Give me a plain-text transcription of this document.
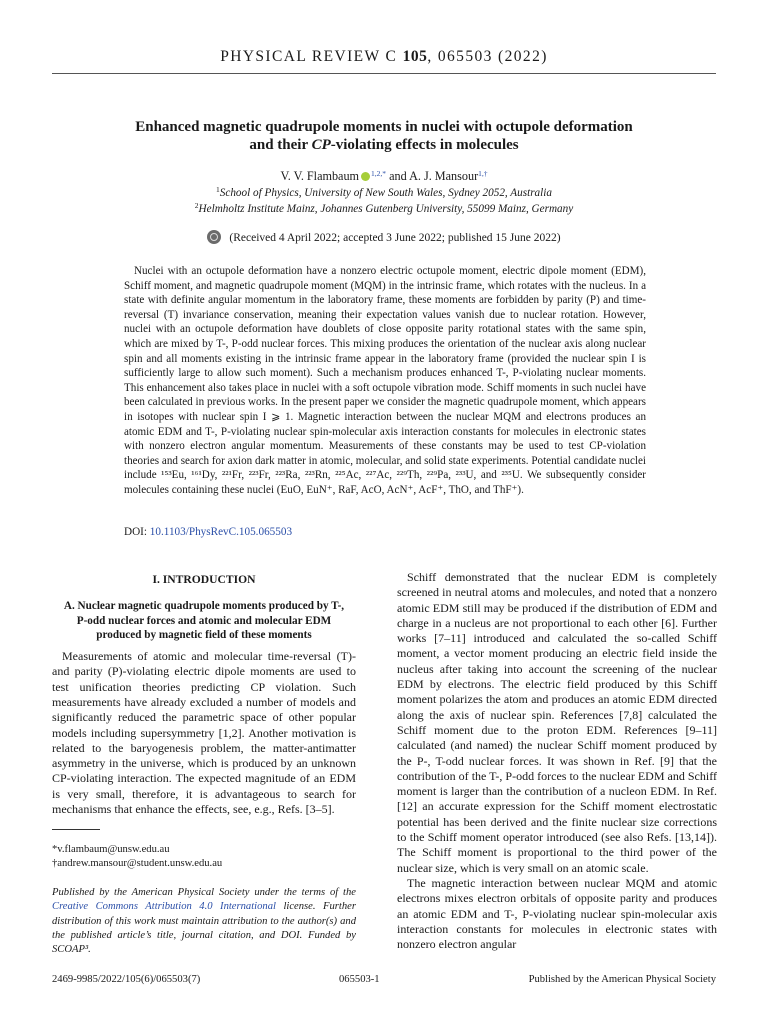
PHYSICAL REVIEW C 105, 065503 (2022)
Enhanced magnetic quadrupole moments in nuclei with octupole deformation
and their CP-violating effects in molecules
V. V. Flambaum $^{1,2,*}$ and A. J. Mansour$^{1,\dagger}$
$^1$School of Physics, University of New South Wales, Sydney 2052, Australia
$^2$Helmholtz Institute Mainz, Johannes Gutenberg University, 55099 Mainz, Germany
(Received 4 April 2022; accepted 3 June 2022; published 15 June 2022)
Nuclei with an octupole deformation have a nonzero electric octupole moment, electric dipole moment (EDM), Schiff moment, and magnetic quadrupole moment (MQM) in the intrinsic frame, which rotates with the nucleus. In a state with definite angular momentum in the laboratory frame, these moments are forbidden by parity (P) and time-reversal (T) invariance conservation, meaning their expectation values vanish due to nuclear rotation. However, nuclei with an octupole deformation have doublets of close opposite parity rotational states with the same spin, which are mixed by T-, P-odd nuclear forces. This mixing produces the orientation of the nuclear axis along nuclear spin and all moments existing in the intrinsic frame appear in the laboratory frame (provided the nuclear spin I is sufficiently large to allow such moment). Such a mechanism produces enhanced T-, P-violating nuclear moments. This enhancement also takes place in nuclei with a soft octupole vibration mode. Schiff moments in such nuclei have been calculated in previous works. In the present paper we consider the magnetic quadrupole moment, which appears in isotopes with nuclear spin I ⩾ 1. Magnetic interaction between the nuclear MQM and electrons produces an atomic EDM and T-, P-violating nuclear spin-molecular axis interaction constants for molecules in electronic states with nonzero electron angular momentum. Measurements of these constants may be used to test CP-violation theories and search for axion dark matter in atomic, molecular, and solid state experiments. Potential candidate nuclei include ¹⁵³Eu, ¹⁶¹Dy, ²²¹Fr, ²²³Fr, ²²³Ra, ²²³Rn, ²²⁵Ac, ²²⁷Ac, ²²⁹Th, ²²⁹Pa, ²³³U, and ²³⁵U. We subsequently consider molecules containing these nuclei (EuO, EuN⁺, RaF, AcO, AcN⁺, AcF⁺, ThO, and ThF⁺).
DOI: 10.1103/PhysRevC.105.065503
I. INTRODUCTION
A. Nuclear magnetic quadrupole moments produced by T-, P-odd nuclear forces and atomic and molecular EDM produced by magnetic field of these moments

Measurements of atomic and molecular time-reversal (T)- and parity (P)-violating electric dipole moments are used to test unification theories predicting CP violation. Such measurements have already excluded a number of models and significantly reduced the parametric space of other popular models including supersymmetry [1,2]. Another motivation is related to the baryogenesis problem, the matter-antimatter asymmetry in the universe, which is produced by an unknown CP-violating interaction. The expected magnitude of an EDM is very small, therefore, it is advantageous to search for mechanisms that enhance the effects, see, e.g., Refs. [3–5].

Schiff demonstrated that the nuclear EDM is completely screened in neutral atoms and molecules, and noted that a nonzero atomic EDM still may be produced if the distribution of EDM and charge in a nucleus are not proportional to each other [6]. Further works [7–11] introduced and calculated the so-called Schiff moment, a vector moment producing an electric field inside the nucleus after taking into account the screening of the nuclear EDM by electrons. The electric field produced by this Schiff moment polarizes the atom and produces an atomic EDM directed along the axis of nuclear spin. References [7,8] calculated the Schiff moment due to the proton EDM. References [9–11] calculated (and named) the nuclear Schiff moment produced by the P-, T-odd nuclear forces. It was shown in Ref. [9] that the contribution of the T-, P-odd forces to the nuclear EDM and Schiff moment is larger than the contribution of a nucleon EDM. In Ref. [12] an accurate expression for the Schiff moment electrostatic potential has been derived and the finite nuclear size corrections to the Schiff moment operator introduced (see also Refs. [13,14]). The Schiff moment is proportional to the third power of the nuclear size, which is very small on an atomic scale.

The magnetic interaction between nuclear MQM and atomic electrons mixes electron orbitals of opposite parity and produces an atomic EDM and T-, P-violating nuclear spin-molecular axis interaction constants for molecules in electronic states with nonzero electron angular

*v.flambaum@unsw.edu.au
†andrew.mansour@student.unsw.edu.au
Published by the American Physical Society under the terms of the Creative Commons Attribution 4.0 International license. Further distribution of this work must maintain attribution to the author(s) and the published article’s title, journal citation, and DOI. Funded by SCOAP³.
2469-9985/2022/105(6)/065503(7)	065503-1	Published by the American Physical Society
